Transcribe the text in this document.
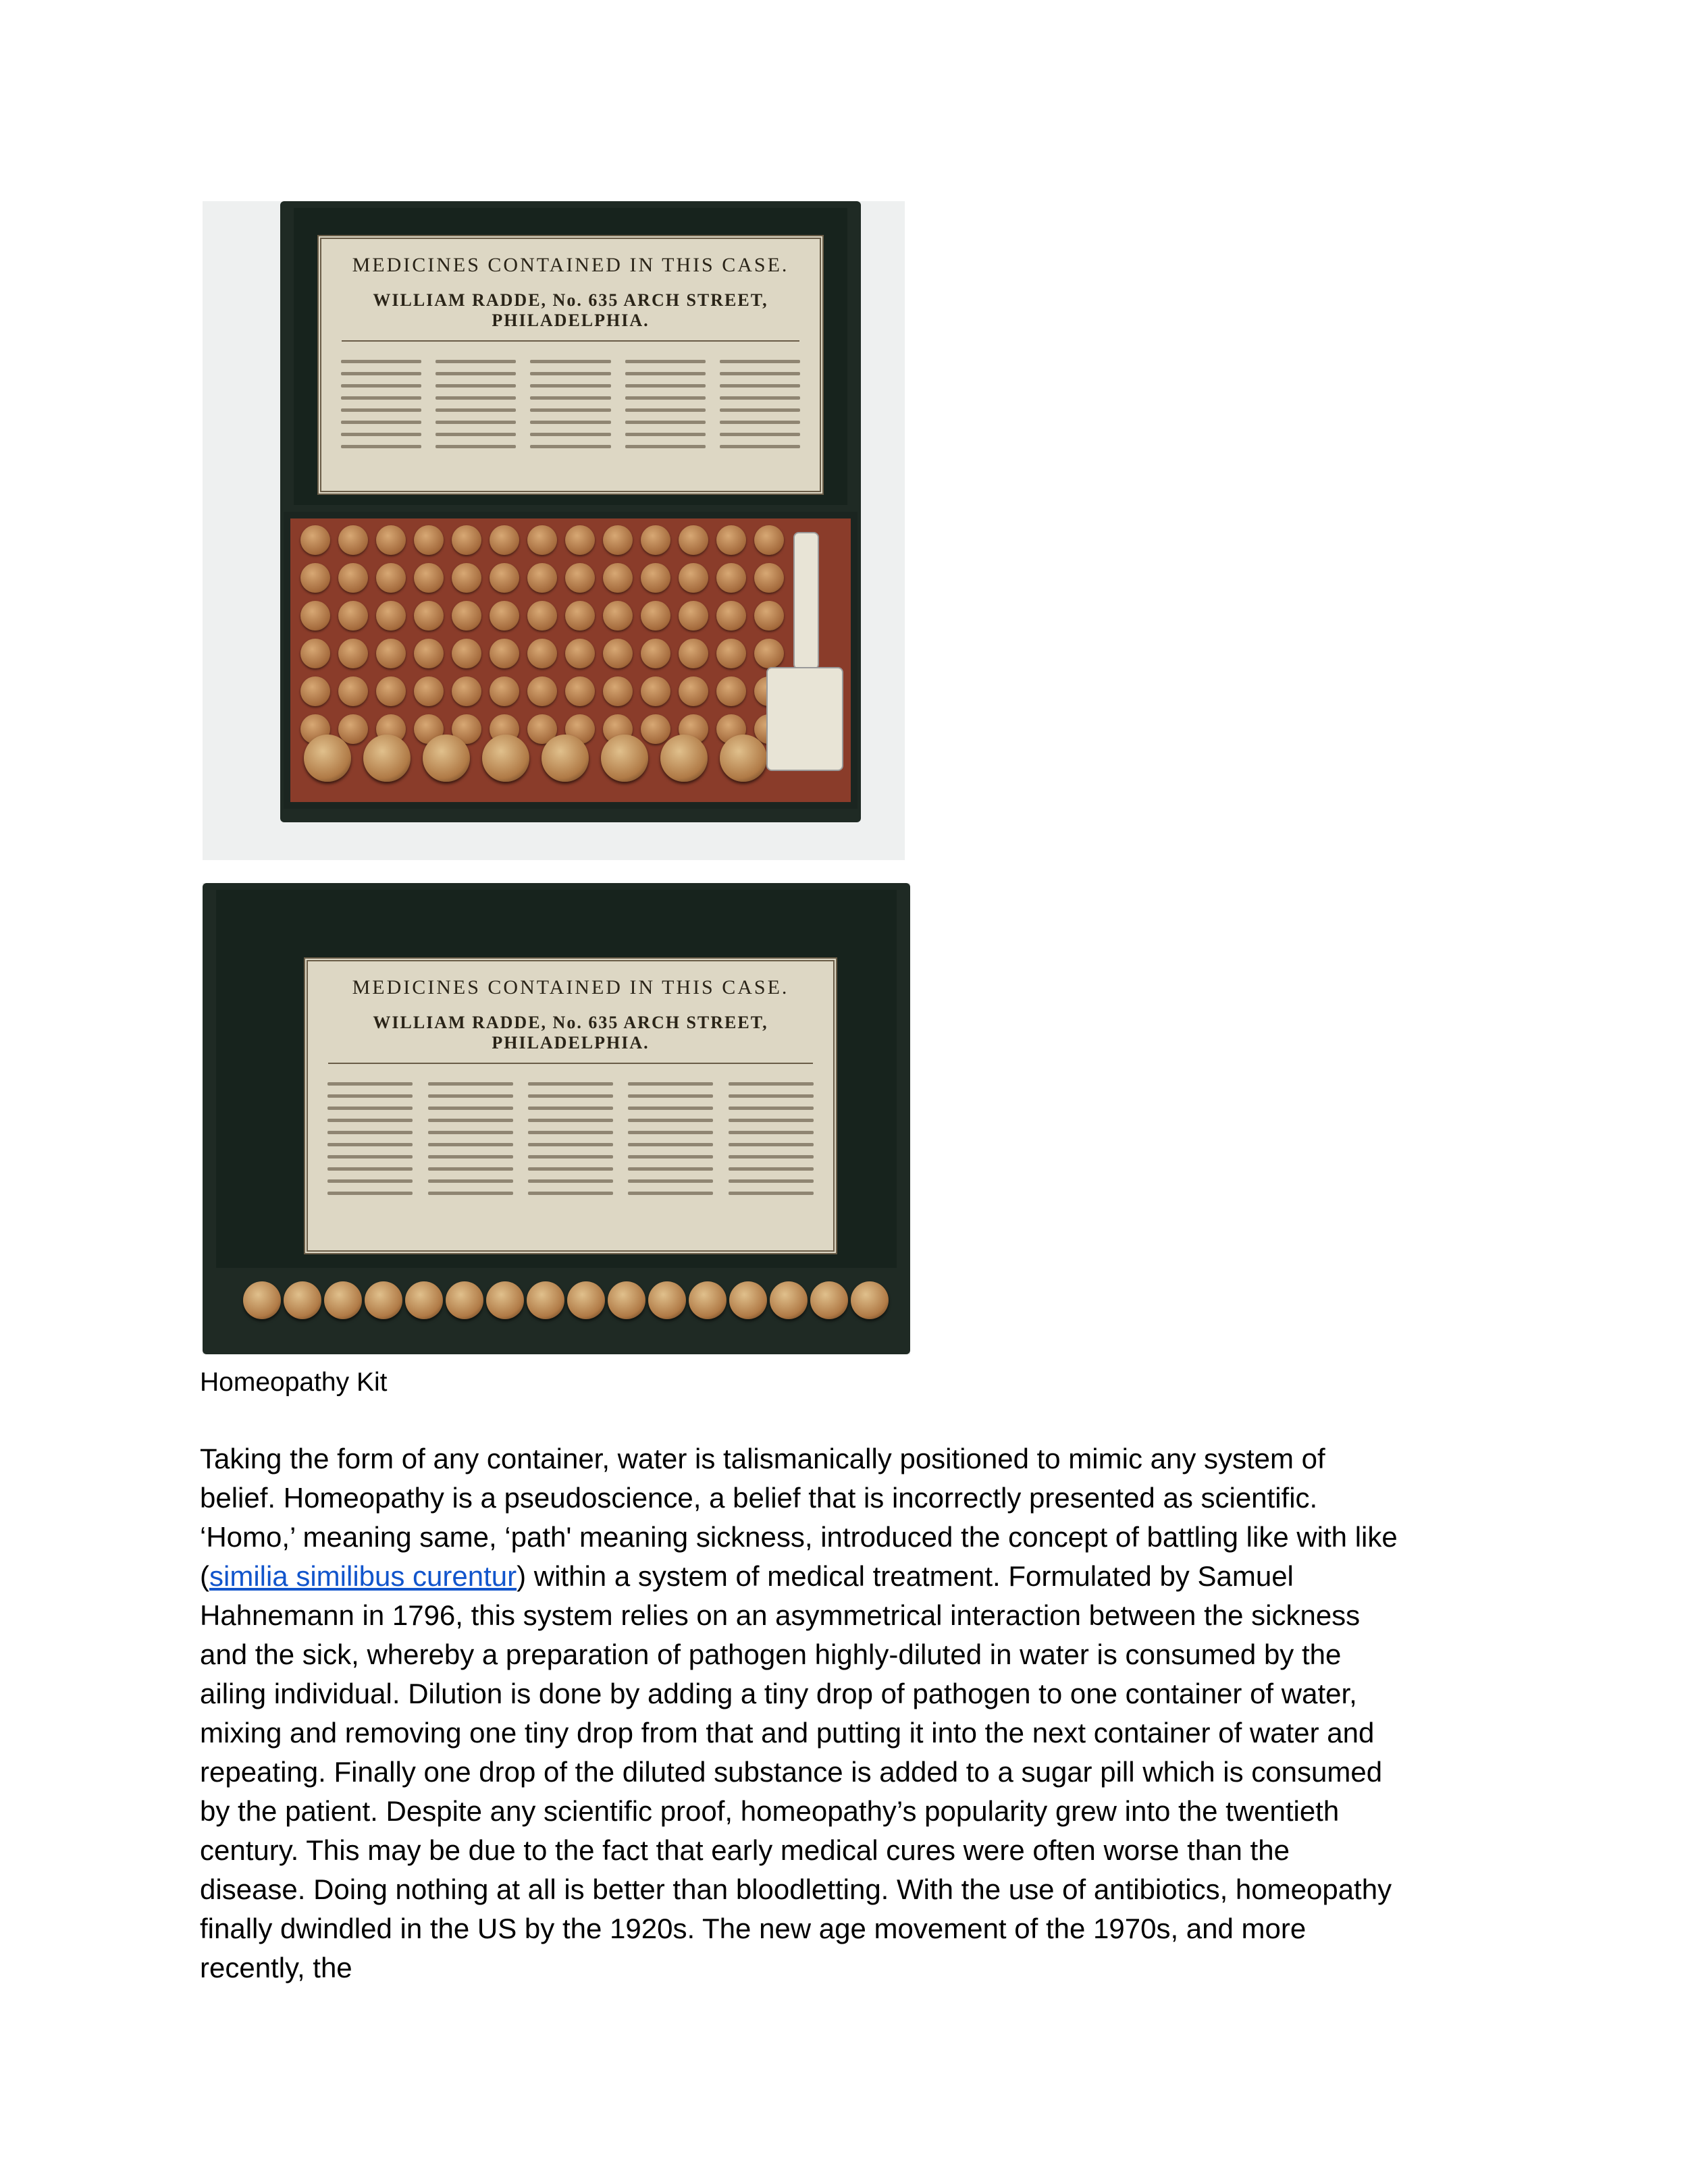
MEDICINES CONTAINED IN THIS CASE.
WILLIAM RADDE, No. 635 ARCH STREET, PHILADELPHIA.
MEDICINES CONTAINED IN THIS CASE.
WILLIAM RADDE, No. 635 ARCH STREET, PHILADELPHIA.
Homeopathy Kit
Taking the form of any container, water is talismanically positioned to mimic any system of
belief. Homeopathy is a pseudoscience, a belief that is incorrectly presented as scientific.
‘Homo,’ meaning same, ‘path' meaning sickness, introduced the concept of battling like with like
(similia similibus curentur) within a system of medical treatment. Formulated by Samuel
Hahnemann in 1796, this system relies on an asymmetrical interaction between the sickness
and the sick, whereby a preparation of pathogen highly-diluted in water is consumed by the
ailing individual. Dilution is done by adding a tiny drop of pathogen to one container of water,
mixing and removing one tiny drop from that and putting it into the next container of water and
repeating. Finally one drop of the diluted substance is added to a sugar pill which is consumed
by the patient. Despite any scientific proof, homeopathy’s popularity grew into the twentieth
century. This may be due to the fact that early medical cures were often worse than the
disease. Doing nothing at all is better than bloodletting. With the use of antibiotics, homeopathy
finally dwindled in the US by the 1920s. The new age movement of the 1970s, and more
recently, the
